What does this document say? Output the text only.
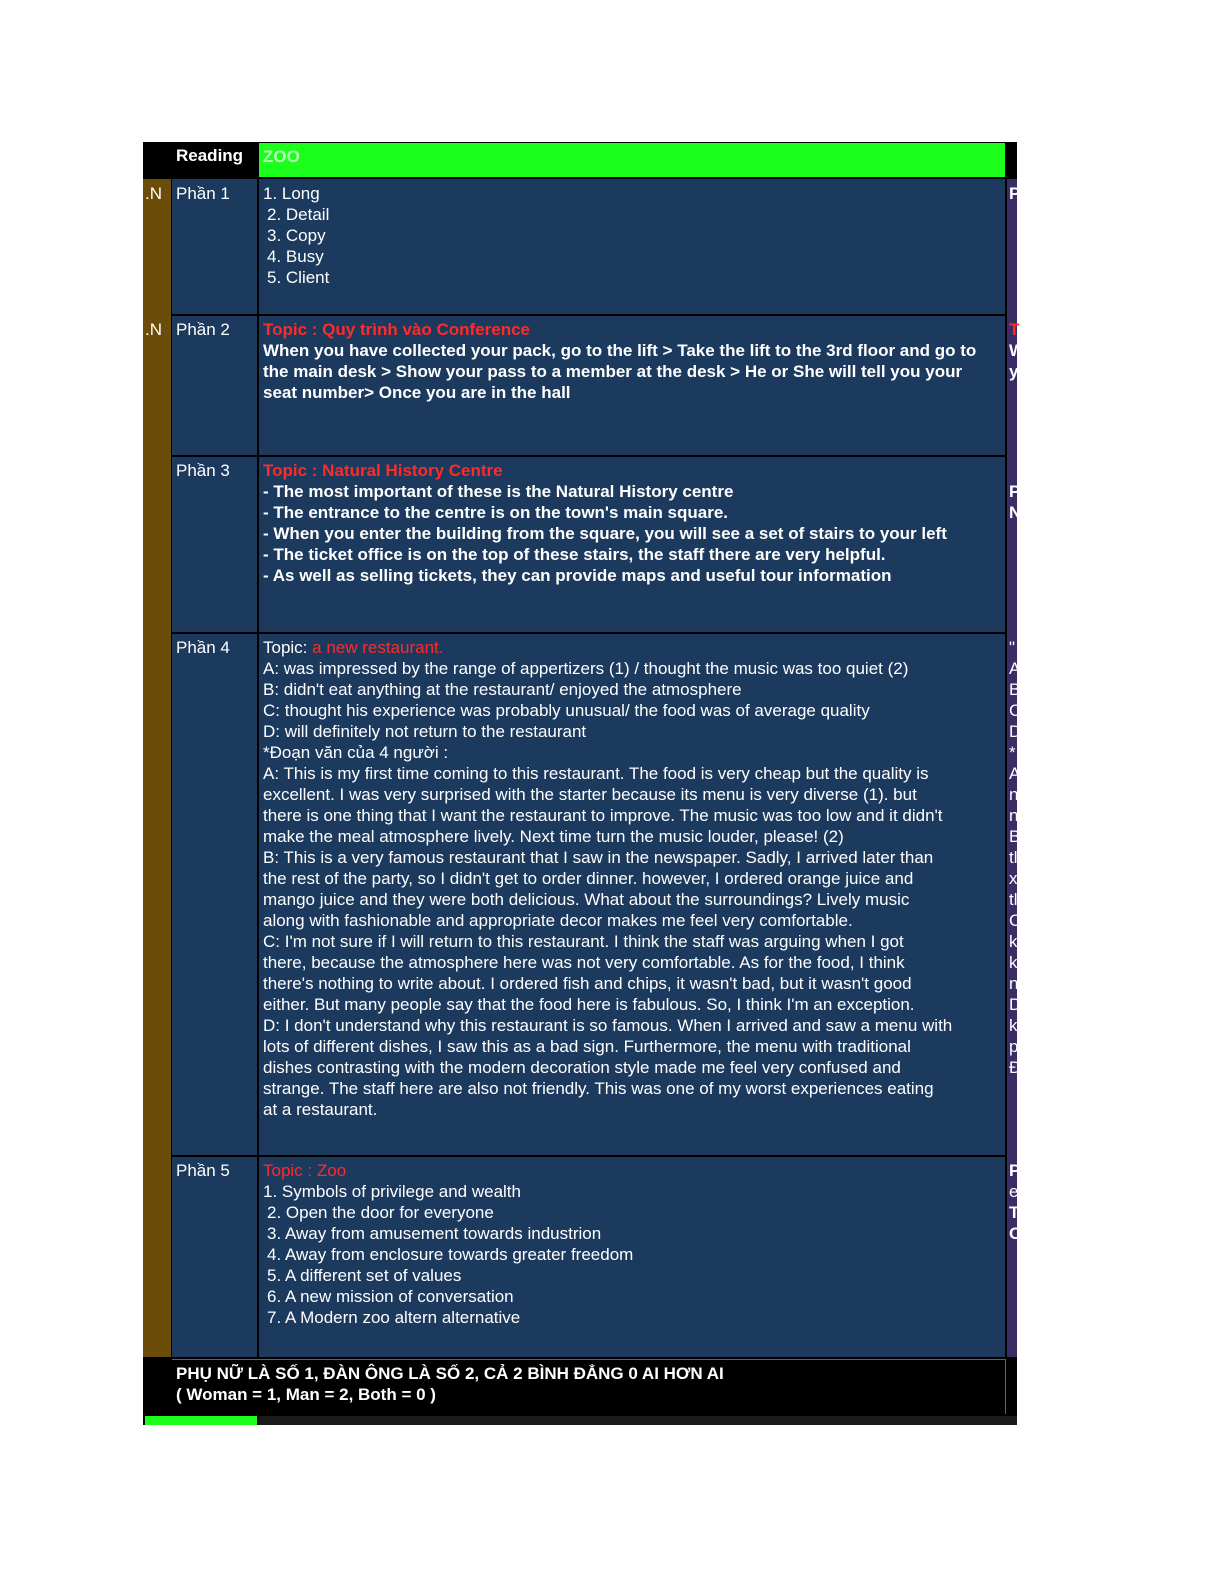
Reading	ZOO
.N
.N
Phần 1
Phần 2
Phần 3
Phần 4
Phần 5
1. Long
2. Detail
3. Copy
4. Busy
5. Client
Topic : Quy trình vào Conference
When you have collected your pack, go to the lift > Take the lift to the 3rd floor and go to
the main desk > Show your pass to a member at the desk > He or She will tell you your
seat number> Once you are in the hall
Topic : Natural History Centre
- The most important of these is the Natural History centre
- The entrance to the centre is on the town's main square.
- When you enter the building from the square, you will see a set of stairs to your left
- The ticket office is on the top of these stairs, the staff there are very helpful.
- As well as selling tickets, they can provide maps and useful tour information
Topic: a new restaurant.
A: was impressed by the range of appertizers (1) / thought the music was too quiet (2)
B: didn't eat anything at the restaurant/ enjoyed the atmosphere
C: thought his experience was probably unusual/ the food was of average quality
D: will definitely not return to the restaurant
*Đoạn văn của 4 người :
A: This is my first time coming to this restaurant. The food is very cheap but the quality is
excellent. I was very surprised with the starter because its menu is very diverse (1). but
there is one thing that I want the restaurant to improve. The music was too low and it didn't
make the meal atmosphere lively. Next time turn the music louder, please! (2)
B: This is a very famous restaurant that I saw in the newspaper. Sadly, I arrived later than
the rest of the party, so I didn't get to order dinner. however, I ordered orange juice and
mango juice and they were both delicious. What about the surroundings? Lively music
along with fashionable and appropriate decor makes me feel very comfortable.
C: I'm not sure if I will return to this restaurant. I think the staff was arguing when I got
there, because the atmosphere here was not very comfortable. As for the food, I think
there's nothing to write about. I ordered fish and chips, it wasn't bad, but it wasn't good
either. But many people say that the food here is fabulous. So, I think I'm an exception.
D: I don't understand why this restaurant is so famous. When I arrived and saw a menu with
lots of different dishes, I saw this as a bad sign. Furthermore, the menu with traditional
dishes contrasting with the modern decoration style made me feel very confused and
strange. The staff here are also not friendly. This was one of my worst experiences eating
at a restaurant.
Topic : Zoo
1. Symbols of privilege and wealth
2. Open the door for everyone
3. Away from amusement towards industrion
4. Away from enclosure towards greater freedom
5. A different set of values
6. A new mission of conversation
7. A Modern zoo altern alternative
P
T
W
y
P
N
"
A
B
C
D
*
A
n
n
B
tl
x
tl
C
k
k
n
D
k
p
Đ
P
e
T
C
PHỤ NỮ LÀ SỐ 1, ĐÀN ÔNG LÀ SỐ 2, CẢ 2 BÌNH ĐẲNG 0 AI HƠN AI
( Woman = 1, Man = 2, Both = 0 )
